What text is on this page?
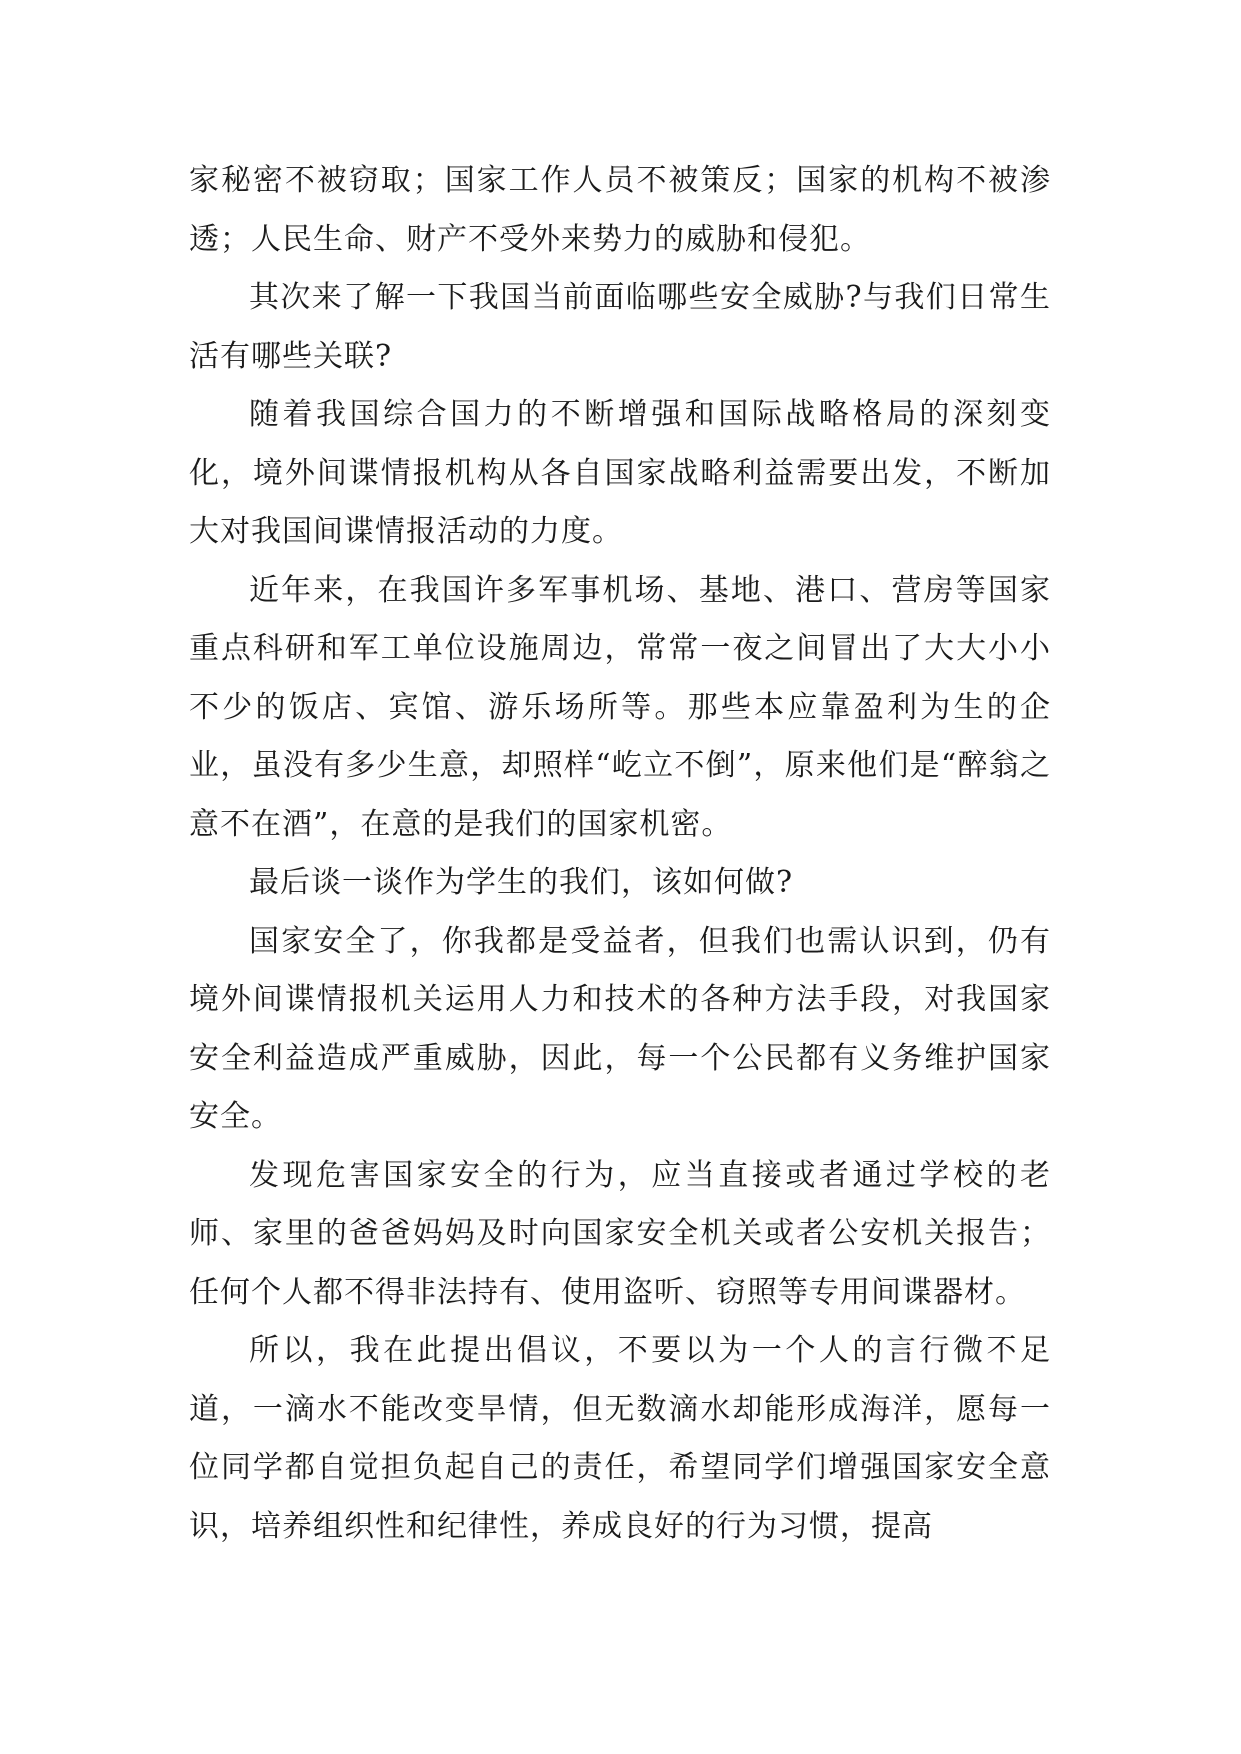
家秘密不被窃取；国家工作人员不被策反；国家的机构不被渗透；人民生命、财产不受外来势力的威胁和侵犯。

其次来了解一下我国当前面临哪些安全威胁?与我们日常生活有哪些关联?

随着我国综合国力的不断增强和国际战略格局的深刻变化，境外间谍情报机构从各自国家战略利益需要出发，不断加大对我国间谍情报活动的力度。

近年来，在我国许多军事机场、基地、港口、营房等国家重点科研和军工单位设施周边，常常一夜之间冒出了大大小小不少的饭店、宾馆、游乐场所等。那些本应靠盈利为生的企业，虽没有多少生意，却照样“屹立不倒”，原来他们是“醉翁之意不在酒”，在意的是我们的国家机密。

最后谈一谈作为学生的我们，该如何做?

国家安全了，你我都是受益者，但我们也需认识到，仍有境外间谍情报机关运用人力和技术的各种方法手段，对我国家安全利益造成严重威胁，因此，每一个公民都有义务维护国家安全。

发现危害国家安全的行为，应当直接或者通过学校的老师、家里的爸爸妈妈及时向国家安全机关或者公安机关报告；任何个人都不得非法持有、使用盗听、窃照等专用间谍器材。

所以，我在此提出倡议，不要以为一个人的言行微不足道，一滴水不能改变旱情，但无数滴水却能形成海洋，愿每一位同学都自觉担负起自己的责任，希望同学们增强国家安全意识，培养组织性和纪律性，养成良好的行为习惯，提高
